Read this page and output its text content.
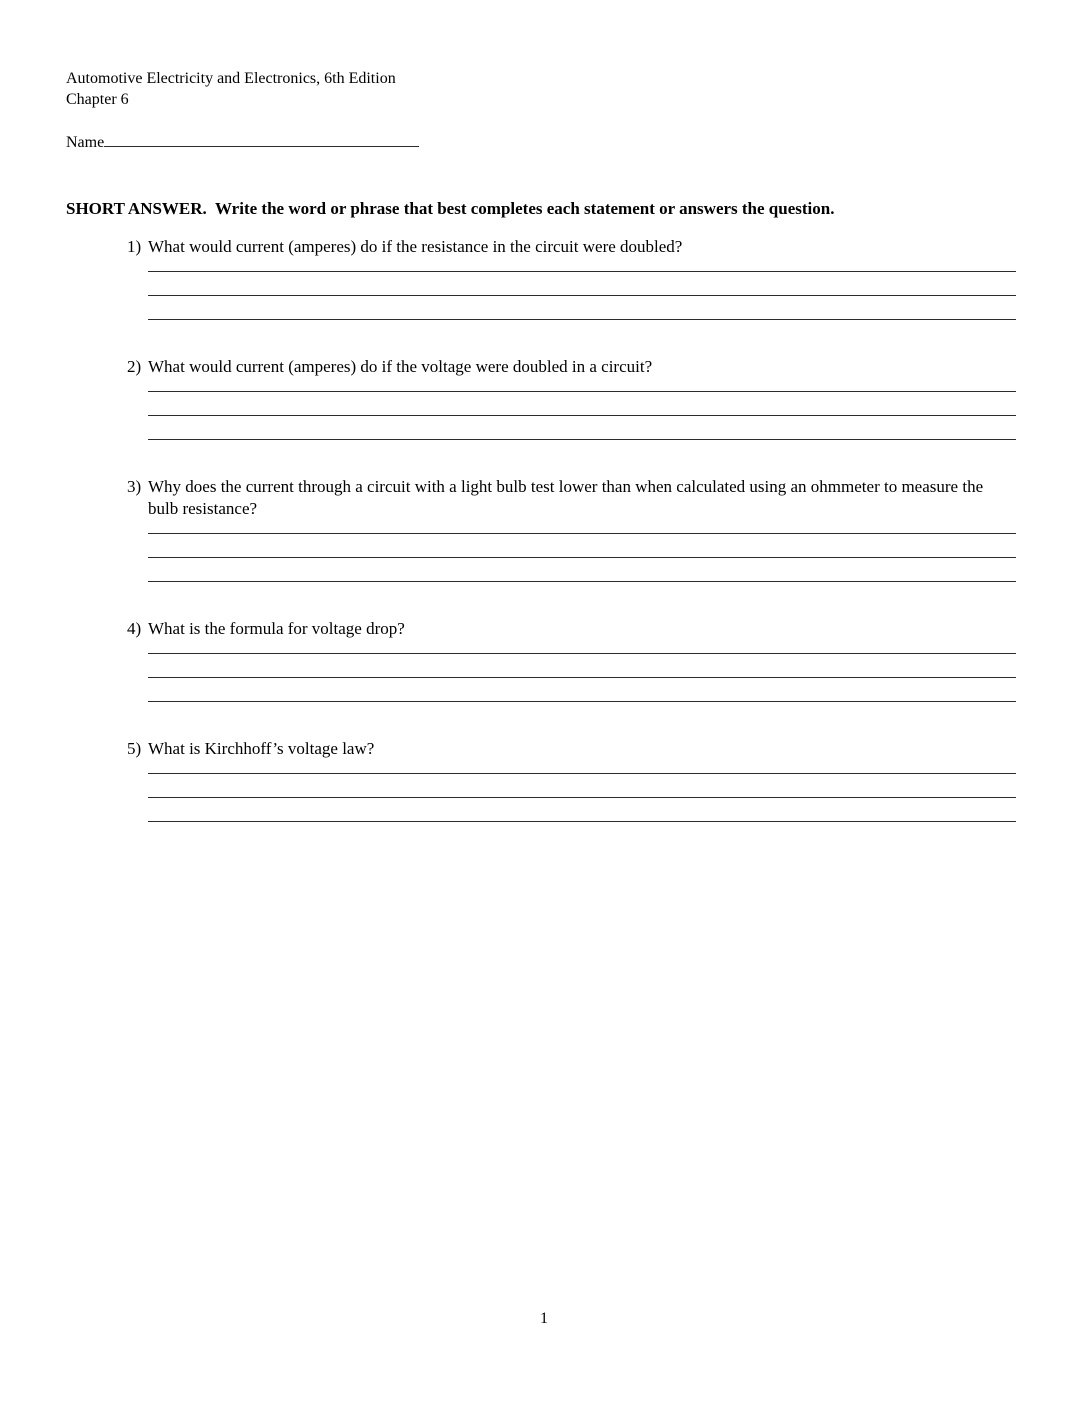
Automotive Electricity and Electronics, 6th Edition
Chapter 6
Name
SHORT ANSWER.  Write the word or phrase that best completes each statement or answers the question.
1) What would current (amperes) do if the resistance in the circuit were doubled?
2) What would current (amperes) do if the voltage were doubled in a circuit?
3) Why does the current through a circuit with a light bulb test lower than when calculated using an ohmmeter to measure the bulb resistance?
4) What is the formula for voltage drop?
5) What is Kirchhoff’s voltage law?
1
